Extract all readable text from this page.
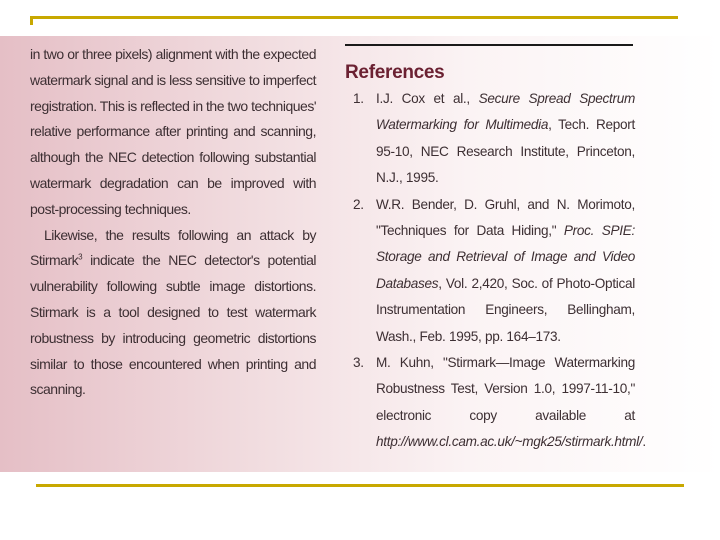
in two or three pixels) alignment with the expected watermark signal and is less sensitive to imperfect registration. This is reflected in the two techniques' relative performance after printing and scanning, although the NEC detection following substantial watermark degradation can be improved with post-processing techniques.

Likewise, the results following an attack by Stirmark$^3$ indicate the NEC detector's potential vulnerability following subtle image distortions. Stirmark is a tool designed to test watermark robustness by introducing geometric distortions similar to those encountered when printing and scanning.

References
1. I.J. Cox et al., Secure Spread Spectrum Watermarking for Multimedia, Tech. Report 95-10, NEC Research Institute, Princeton, N.J., 1995.
2. W.R. Bender, D. Gruhl, and N. Morimoto, "Techniques for Data Hiding," Proc. SPIE: Storage and Retrieval of Image and Video Databases, Vol. 2,420, Soc. of Photo-Optical Instrumentation Engineers, Bellingham, Wash., Feb. 1995, pp. 164–173.
3. M. Kuhn, "Stirmark—Image Watermarking Robustness Test, Version 1.0, 1997-11-10," electronic copy available at http://www.cl.cam.ac.uk/~mgk25/stirmark.html/.
